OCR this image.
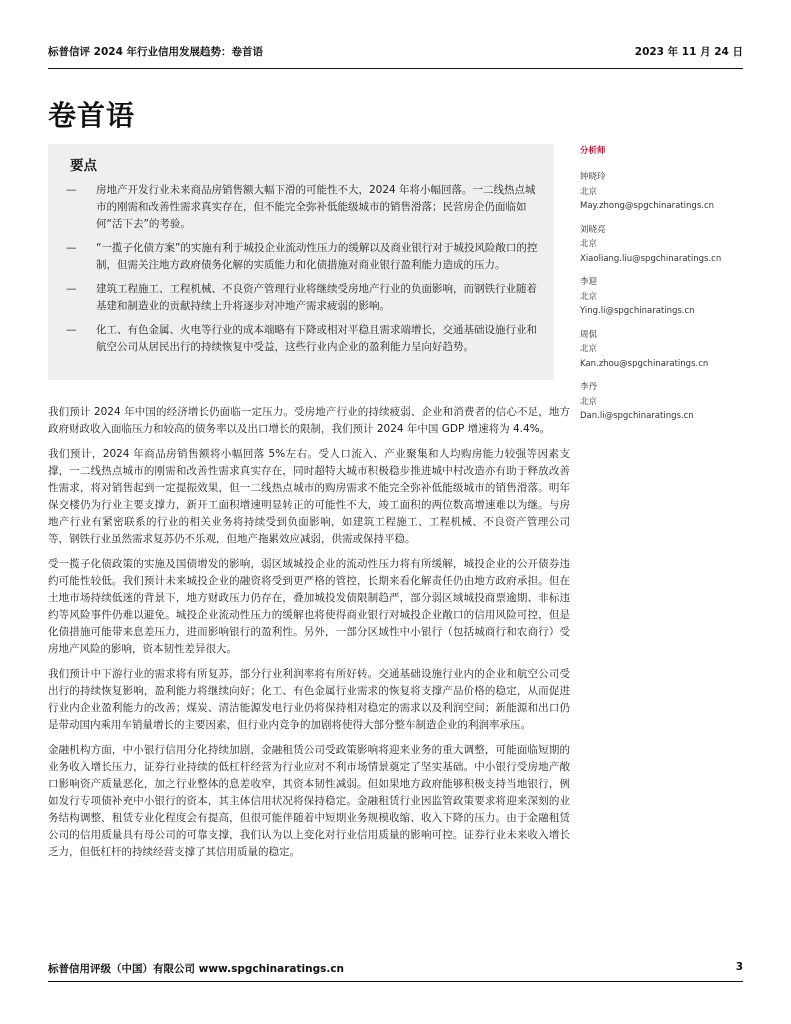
标普信评 2024 年行业信用发展趋势：卷首语	2023 年 11 月 24 日
卷首语
要点
— 房地产开发行业未来商品房销售额大幅下滑的可能性不大，2024 年将小幅回落。一二线热点城市的刚需和改善性需求真实存在，但不能完全弥补低能级城市的销售滑落；民营房企仍面临如何“活下去”的考验。
— “一揽子化债方案”的实施有利于城投企业流动性压力的缓解以及商业银行对于城投风险敞口的控制，但需关注地方政府债务化解的实质能力和化债措施对商业银行盈利能力造成的压力。
— 建筑工程施工、工程机械、不良资产管理行业将继续受房地产行业的负面影响，而钢铁行业随着基建和制造业的贡献持续上升将逐步对冲地产需求疲弱的影响。
— 化工、有色金属、火电等行业的成本端略有下降或相对平稳且需求端增长，交通基础设施行业和航空公司从居民出行的持续恢复中受益，这些行业内企业的盈利能力呈向好趋势。

我们预计 2024 年中国的经济增长仍面临一定压力。受房地产行业的持续疲弱、企业和消费者的信心不足，地方政府财政收入面临压力和较高的债务率以及出口增长的限制，我们预计 2024 年中国 GDP 增速将为 4.4%。

我们预计，2024 年商品房销售额将小幅回落 5%左右。受人口流入、产业聚集和人均购房能力较强等因素支撑，一二线热点城市的刚需和改善性需求真实存在，同时超特大城市积极稳步推进城中村改造亦有助于释放改善性需求，将对销售起到一定提振效果，但一二线热点城市的购房需求不能完全弥补低能级城市的销售滑落。明年保交楼仍为行业主要支撑力，新开工面积增速明显转正的可能性不大，竣工面积的两位数高增速难以为继。与房地产行业有紧密联系的行业的相关业务将持续受到负面影响，如建筑工程施工、工程机械、不良资产管理公司等，钢铁行业虽然需求复苏仍不乐观，但地产拖累效应减弱，供需或保持平稳。

受一揽子化债政策的实施及国债增发的影响，弱区域城投企业的流动性压力将有所缓解，城投企业的公开债券违约可能性较低。我们预计未来城投企业的融资将受到更严格的管控，长期来看化解责任仍由地方政府承担。但在土地市场持续低迷的背景下，地方财政压力仍存在，叠加城投发债限制趋严，部分弱区域城投商票逾期、非标违约等风险事件仍难以避免。城投企业流动性压力的缓解也将使得商业银行对城投企业敞口的信用风险可控，但是化债措施可能带来息差压力，进而影响银行的盈利性。另外，一部分区域性中小银行（包括城商行和农商行）受房地产风险的影响，资本韧性差异很大。

我们预计中下游行业的需求将有所复苏，部分行业利润率将有所好转。交通基础设施行业内的企业和航空公司受出行的持续恢复影响，盈利能力将继续向好；化工、有色金属行业需求的恢复将支撑产品价格的稳定，从而促进行业内企业盈利能力的改善；煤炭、清洁能源发电行业仍将保持相对稳定的需求以及利润空间；新能源和出口仍是带动国内乘用车销量增长的主要因素，但行业内竞争的加剧将使得大部分整车制造企业的利润率承压。

金融机构方面，中小银行信用分化持续加剧，金融租赁公司受政策影响将迎来业务的重大调整，可能面临短期的业务收入增长压力，证券行业持续的低杠杆经营为行业应对不利市场情景奠定了坚实基础。中小银行受房地产敞口影响资产质量恶化，加之行业整体的息差收窄，其资本韧性减弱。但如果地方政府能够积极支持当地银行，例如发行专项债补充中小银行的资本，其主体信用状况将保持稳定。金融租赁行业因监管政策要求将迎来深刻的业务结构调整，租赁专业化程度会有提高，但很可能伴随着中短期业务规模收缩、收入下降的压力。由于金融租赁公司的信用质量具有母公司的可靠支撑，我们认为以上变化对行业信用质量的影响可控。证券行业未来收入增长乏力，但低杠杆的持续经营支撑了其信用质量的稳定。

分析师
钟晓玲
北京
May.zhong@spgchinaratings.cn
刘晓亮
北京
Xiaoliang.liu@spgchinaratings.cn
李迎
北京
Ying.li@spgchinaratings.cn
周侃
北京
Kan.zhou@spgchinaratings.cn
李丹
北京
Dan.li@spgchinaratings.cn
标普信用评级（中国）有限公司 www.spgchinaratings.cn	3
